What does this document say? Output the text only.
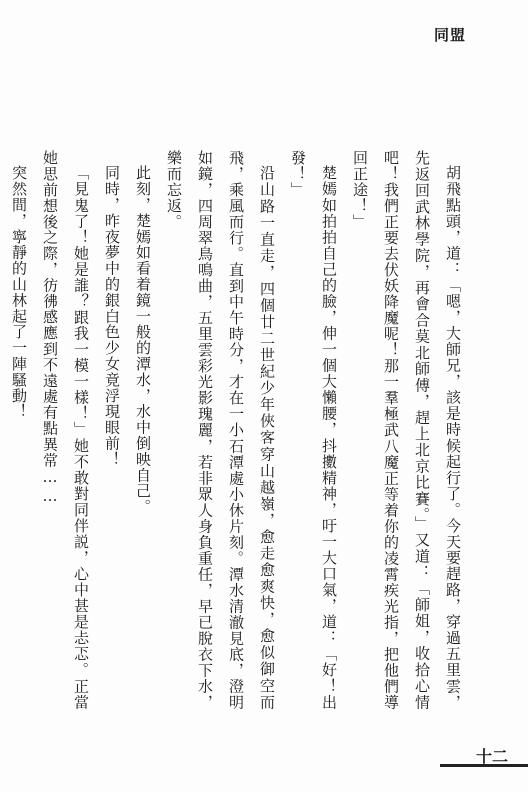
同盟

胡飛點頭，道：「嗯，大師兄，該是時候起行了。今天要趕路，穿過五里雲，先返回武林學院，再會合莫北師傅，趕上北京比賽。」又道：「師姐，收拾心情吧！我們正要去伏妖降魔呢！那一羣極武八魔正等着你的凌霄疾光指，把他們導回正途！」

楚嫣如拍拍自己的臉，伸一個大懶腰，抖擻精神，吁一大口氣，道：「好！出發！」

沿山路一直走，四個廿二世紀少年俠客穿山越嶺，愈走愈爽快，愈似御空而飛，乘風而行。直到中午時分，才在一小石潭處小休片刻。潭水清澈見底，澄明如鏡，四周翠鳥鳴曲，五里雲彩光影瑰麗，若非眾人身負重任，早已脫衣下水，樂而忘返。

此刻，楚嫣如看着鏡一般的潭水，水中倒映自己。

同時，昨夜夢中的銀白色少女竟浮現眼前！

「見鬼了！她是誰？跟我一模一樣！」她不敢對同伴説，心中甚是忐忑。正當她思前想後之際，彷彿感應到不遠處有點異常……

突然間，寧靜的山林起了一陣騷動！

十二
